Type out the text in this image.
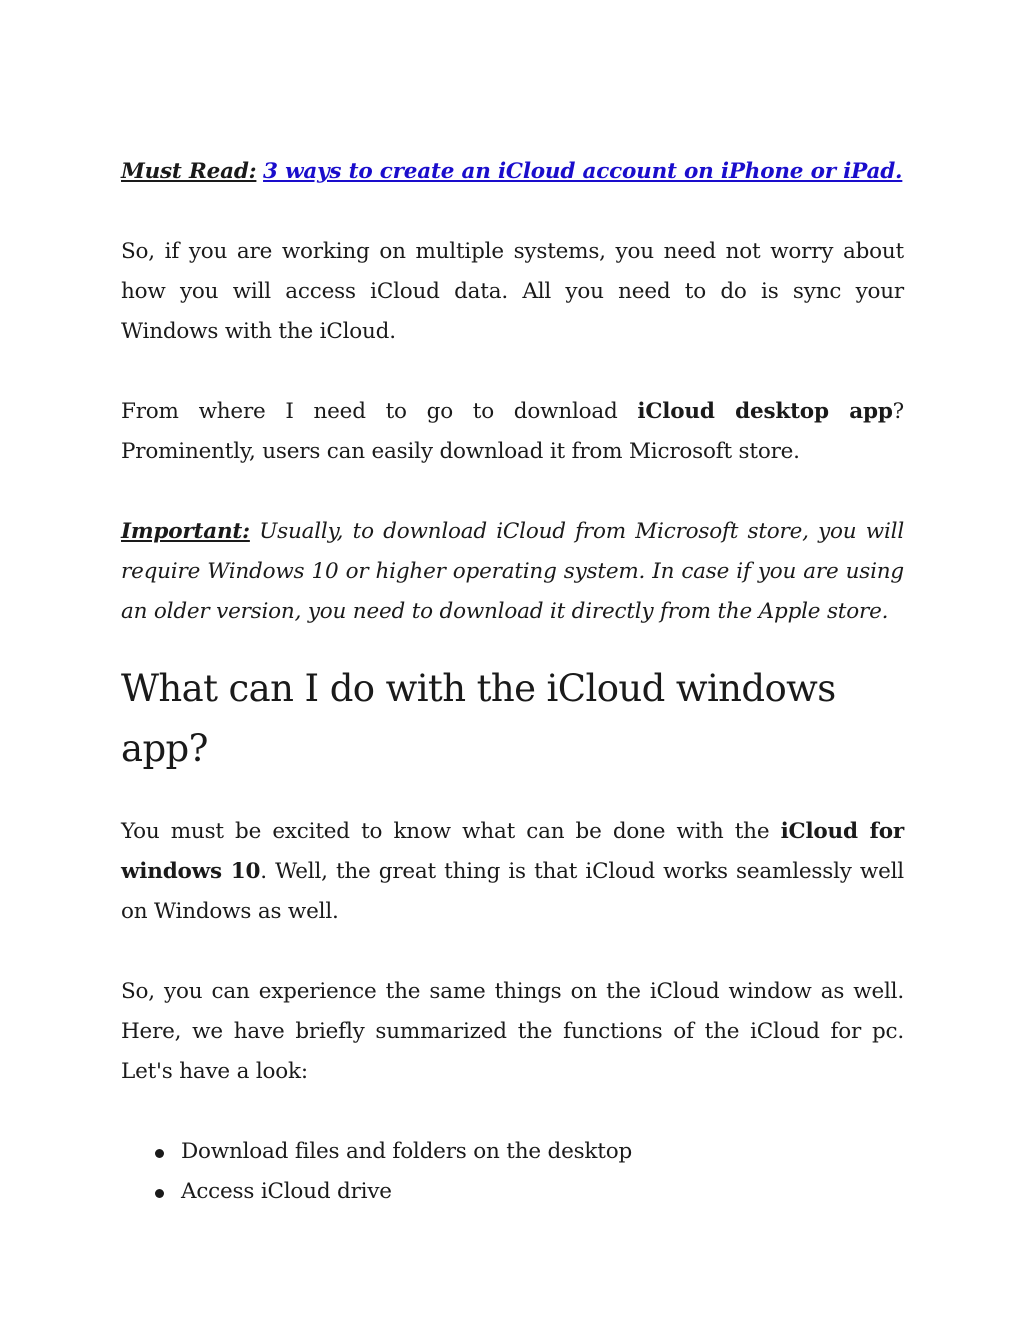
Must Read: 3 ways to create an iCloud account on iPhone or iPad.

So, if you are working on multiple systems, you need not worry about how you will access iCloud data. All you need to do is sync your Windows with the iCloud.

From where I need to go to download iCloud desktop app? Prominently, users can easily download it from Microsoft store.

Important: Usually, to download iCloud from Microsoft store, you will require Windows 10 or higher operating system. In case if you are using an older version, you need to download it directly from the Apple store.

What can I do with the iCloud windows app?

You must be excited to know what can be done with the iCloud for windows 10. Well, the great thing is that iCloud works seamlessly well on Windows as well.

So, you can experience the same things on the iCloud window as well. Here, we have briefly summarized the functions of the iCloud for pc. Let's have a look:

Download files and folders on the desktop
Access iCloud drive
